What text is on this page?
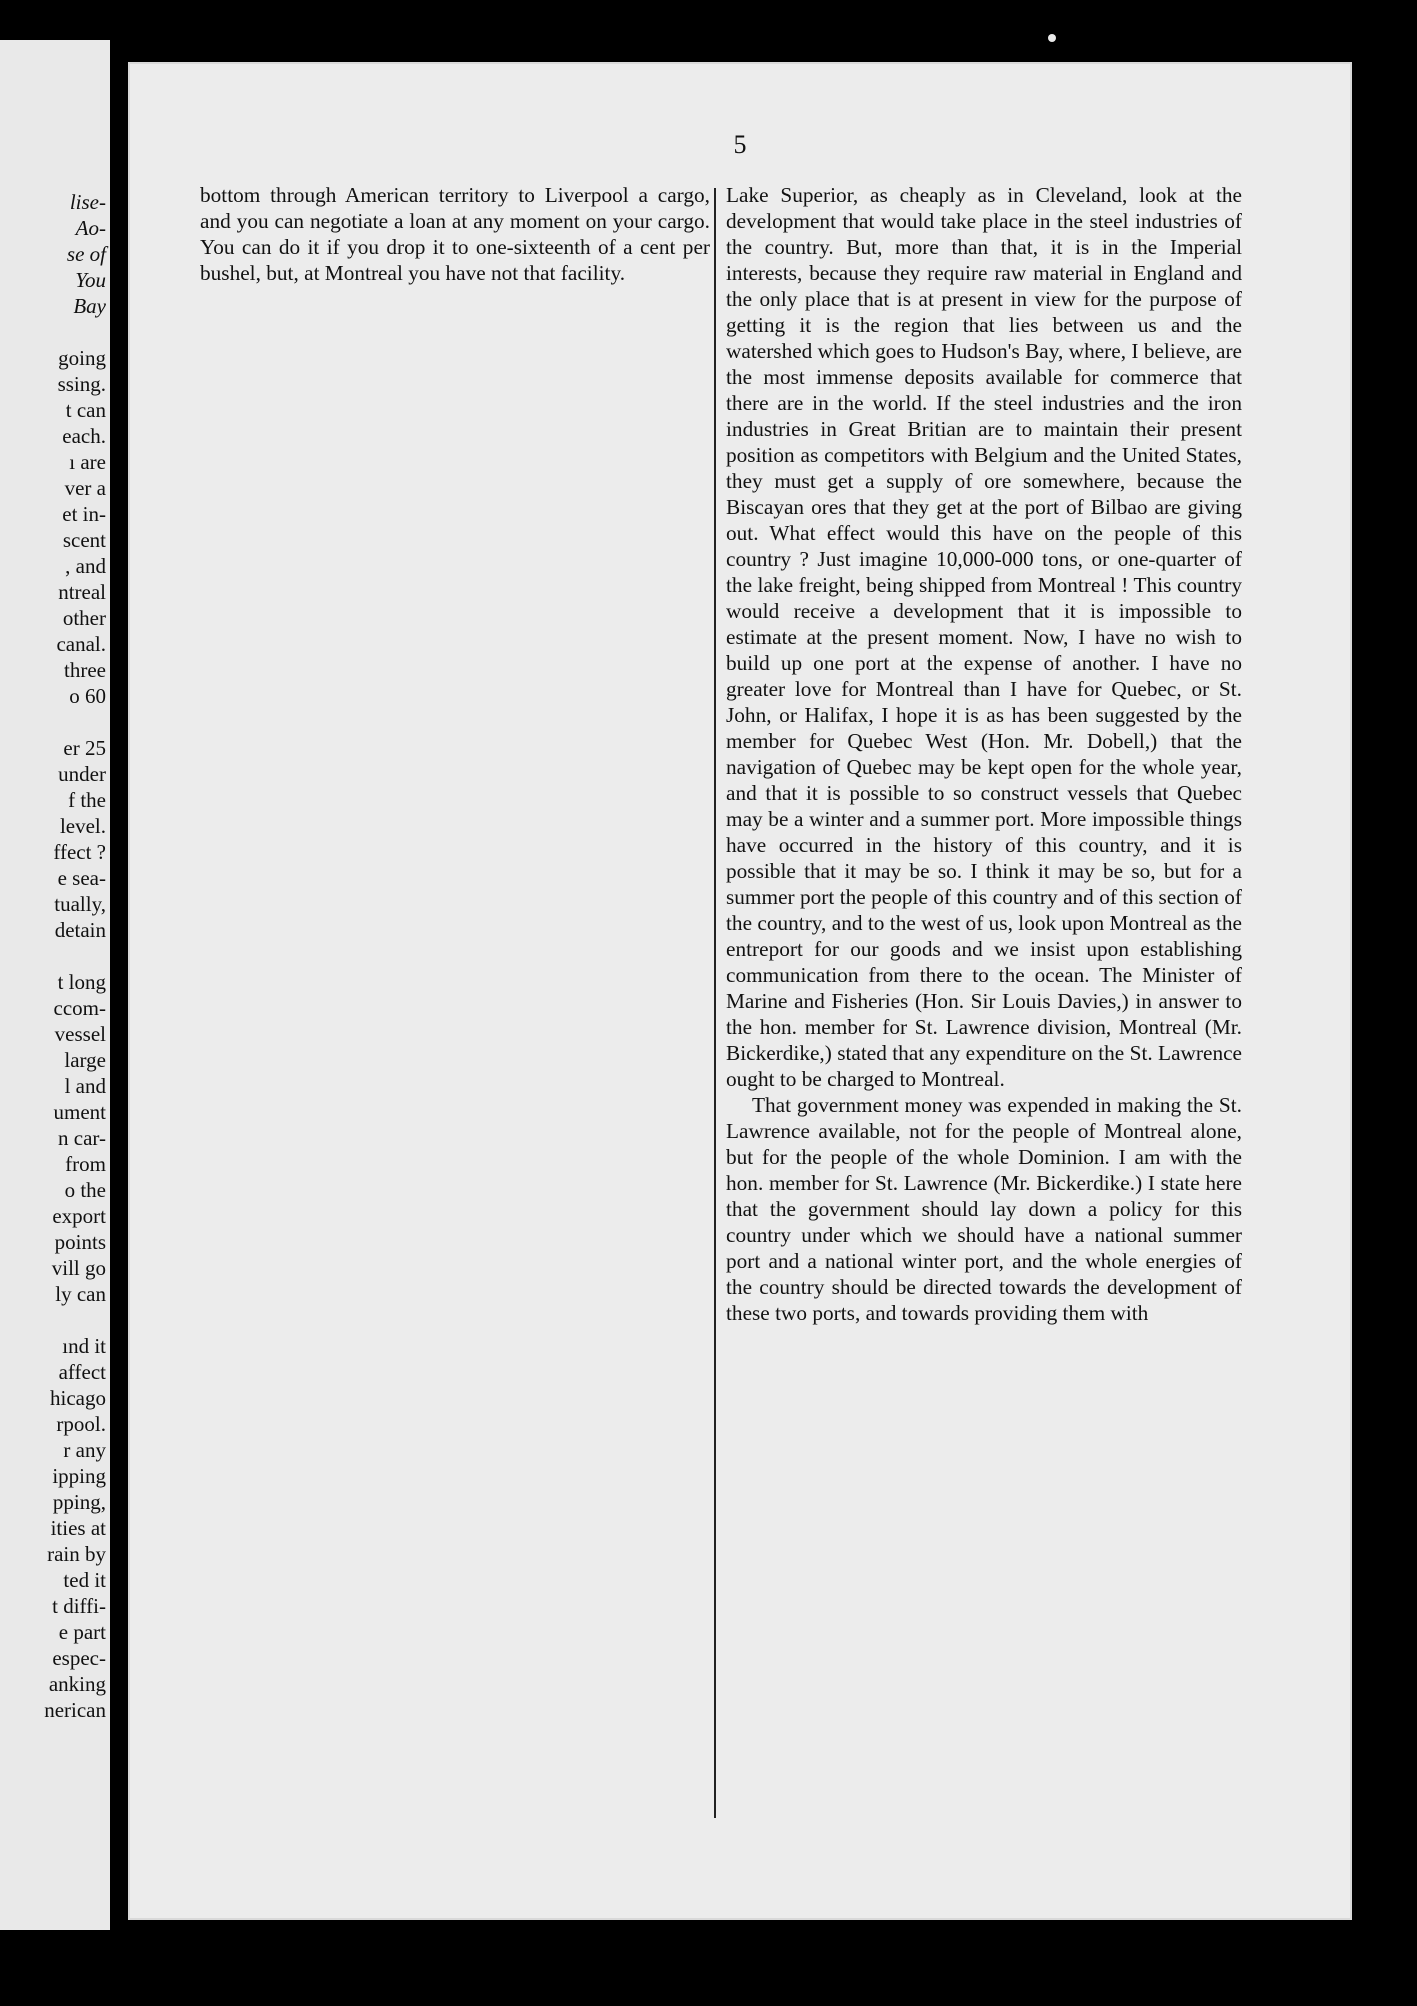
lise-
Ao-
se of
You
Bay
going
ssing.
t can
each.
ı are
ver a
et in-
scent
, and
ntreal
other
canal.
three
o 60
er 25
under
f the
level.
ffect ?
e sea-
tually,
detain
t long
ccom-
vessel
large
l and
ument
n car-
from
o the
export
points
vill go
ly can
ınd it
affect
hicago
rpool.
r any
ipping
pping,
ities at
rain by
ted it
t diffi-
e part
espec-
anking
nerican
5

bottom through American territory to Liverpool a cargo, and you can negotiate a loan at any moment on your cargo. You can do it if you drop it to one-sixteenth of a cent per bushel, but, at Montreal you have not that facility.

Lake Superior, as cheaply as in Cleveland, look at the development that would take place in the steel industries of the country. But, more than that, it is in the Imperial interests, because they require raw material in England and the only place that is at present in view for the purpose of getting it is the region that lies between us and the watershed which goes to Hudson's Bay, where, I believe, are the most immense deposits available for commerce that there are in the world. If the steel industries and the iron industries in Great Britian are to maintain their present position as competitors with Belgium and the United States, they must get a supply of ore somewhere, because the Biscayan ores that they get at the port of Bilbao are giving out. What effect would this have on the people of this country ? Just imagine 10,000-000 tons, or one-quarter of the lake freight, being shipped from Montreal ! This country would receive a development that it is impossible to estimate at the present moment. Now, I have no wish to build up one port at the expense of another. I have no greater love for Montreal than I have for Quebec, or St. John, or Halifax, I hope it is as has been suggested by the member for Quebec West (Hon. Mr. Dobell,) that the navigation of Quebec may be kept open for the whole year, and that it is possible to so construct vessels that Quebec may be a winter and a summer port. More impossible things have occurred in the history of this country, and it is possible that it may be so. I think it may be so, but for a summer port the people of this country and of this section of the country, and to the west of us, look upon Montreal as the entreport for our goods and we insist upon establishing communication from there to the ocean. The Minister of Marine and Fisheries (Hon. Sir Louis Davies,) in answer to the hon. member for St. Lawrence division, Montreal (Mr. Bickerdike,) stated that any expenditure on the St. Lawrence ought to be charged to Montreal.

That government money was expended in making the St. Lawrence available, not for the people of Montreal alone, but for the people of the whole Dominion. I am with the hon. member for St. Lawrence (Mr. Bickerdike.) I state here that the government should lay down a policy for this country under which we should have a national summer port and a national winter port, and the whole energies of the country should be directed towards the development of these two ports, and towards providing them with
